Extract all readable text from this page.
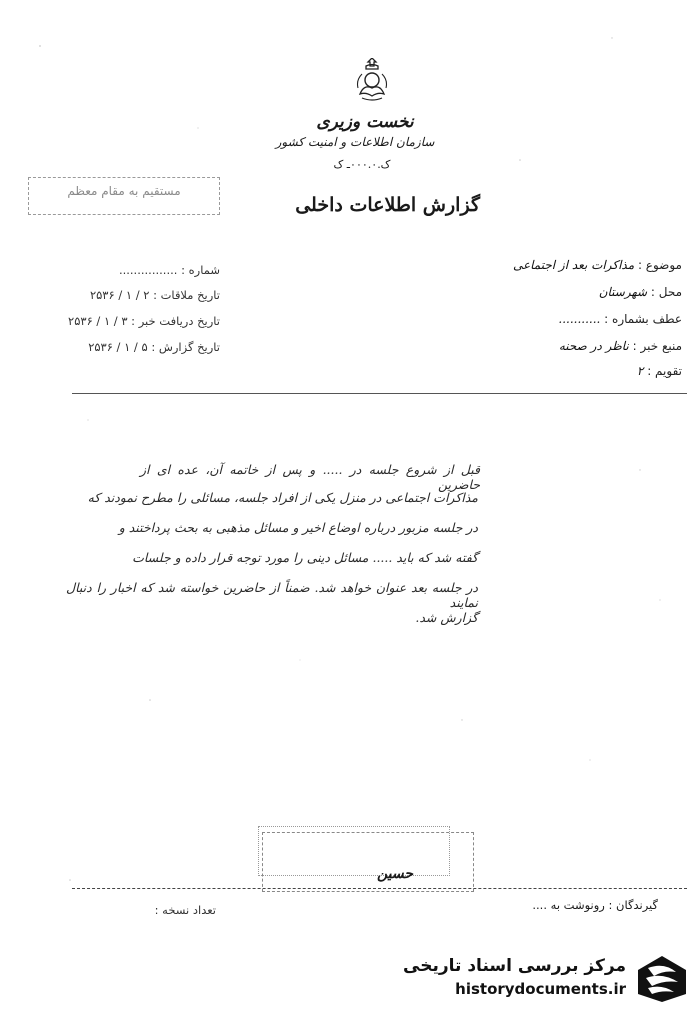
نخست وزیری
سازمان اطلاعات و امنیت کشور
ک.۰۰۰.۰ـ ک
گزارش اطلاعات داخلی
مستقیم به مقام معظم
موضوع : مذاکرات بعد از اجتماعی
محل : شهرستان
عطف بشماره : ...........
منبع خبر : ناظر در صحنه
تقویم : ۲
شماره : ................
تاریخ ملاقات : ۲ / ۱ / ۲۵۳۶
تاریخ دریافت خبر : ۳ / ۱ / ۲۵۳۶
تاریخ گزارش : ۵ / ۱ / ۲۵۳۶
قبل از شروع جلسه در ..... و پس از خاتمه آن، عده ای از حاضرین
مذاکرات اجتماعی در منزل یکی از افراد جلسه، مسائلی را مطرح نمودند که
در جلسه مزبور درباره اوضاع اخیر و مسائل مذهبی به بحث پرداختند و
گفته شد که باید ..... مسائل دینی را مورد توجه قرار داده و جلسات
در جلسه بعد عنوان خواهد شد. ضمناً از حاضرین خواسته شد که اخبار را دنبال نمایند
گزارش شد.
حسین
گیرندگان : رونوشت به ....
تعداد نسخه :
مرکز بررسی اسناد تاریخی
historydocuments.ir
